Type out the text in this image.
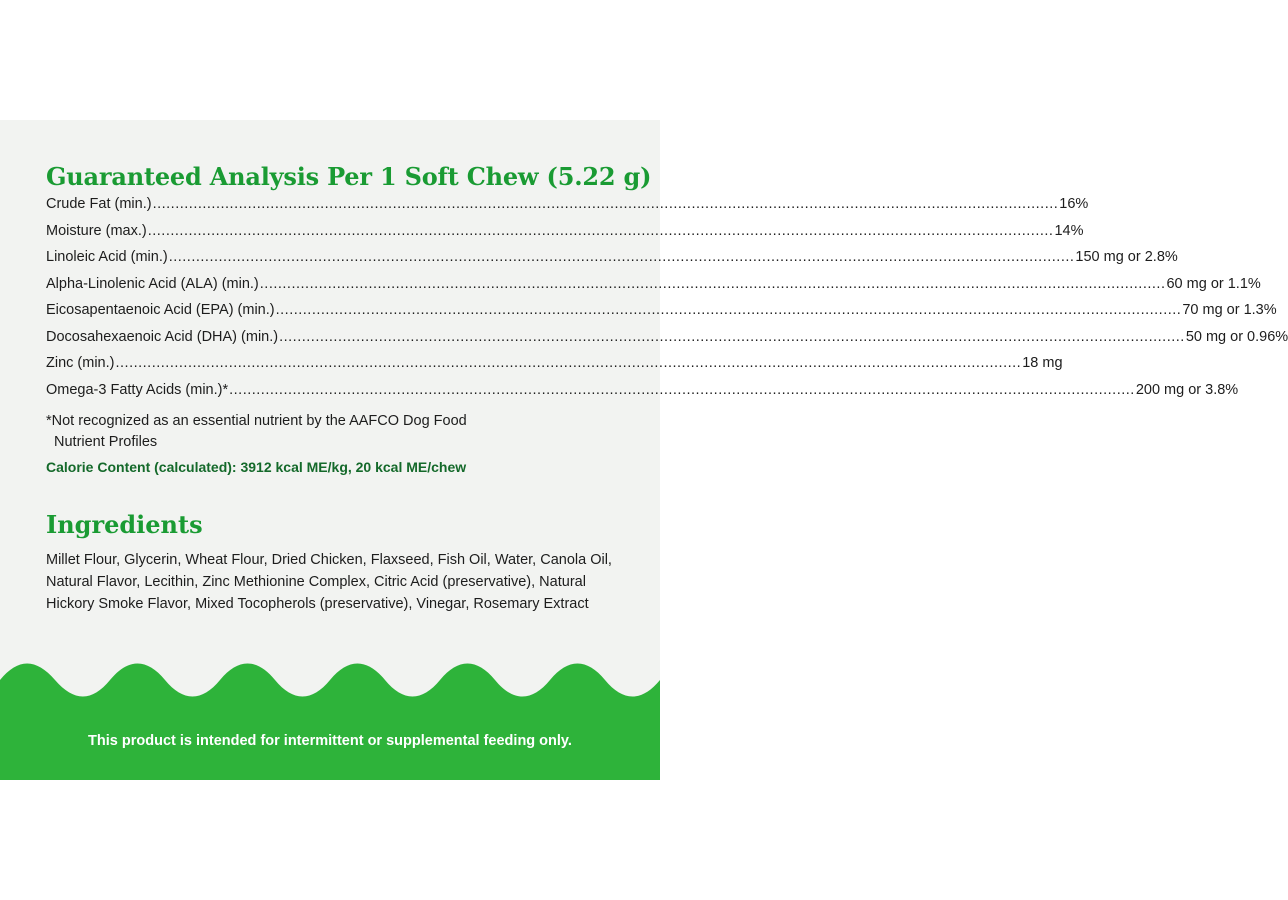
Guaranteed Analysis Per 1 Soft Chew (5.22 g)
Crude Fat (min.) ........................................................................................................................................................................................................ 16%
Moisture (max.) ........................................................................................................................................................................................................ 14%
Linoleic Acid (min.) ........................................................................................................................................................................................................ 150 mg or 2.8%
Alpha-Linolenic Acid (ALA) (min.) ........................................................................................................................................................................................................ 60 mg or 1.1%
Eicosapentaenoic Acid (EPA) (min.) ........................................................................................................................................................................................................ 70 mg or 1.3%
Docosahexaenoic Acid (DHA) (min.) ........................................................................................................................................................................................................ 50 mg or 0.96%
Zinc (min.) ........................................................................................................................................................................................................ 18 mg
Omega-3 Fatty Acids (min.)* ........................................................................................................................................................................................................ 200 mg or 3.8%

*Not recognized as an essential nutrient by the AAFCO Dog Food
Nutrient Profiles

Calorie Content (calculated): 3912 kcal ME/kg, 20 kcal ME/chew

Ingredients

Millet Flour, Glycerin, Wheat Flour, Dried Chicken, Flaxseed, Fish Oil, Water, Canola Oil, Natural Flavor, Lecithin, Zinc Methionine Complex, Citric Acid (preservative), Natural Hickory Smoke Flavor, Mixed Tocopherols (preservative), Vinegar, Rosemary Extract

This product is intended for intermittent or supplemental feeding only.
